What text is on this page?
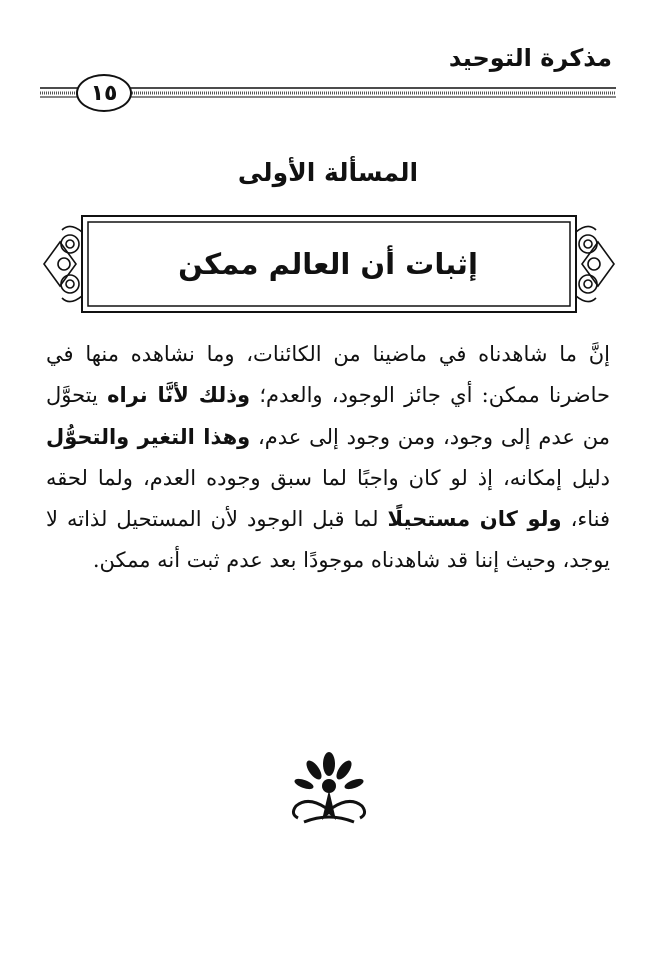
مذكرة التوحيد
١٥
المسألة الأولى
إثبات أن العالم ممكن
إنَّ ما شاهدناه في ماضينا من الكائنات، وما نشاهده منها في حاضرنا ممكن: أي جائز الوجود، والعدم؛ وذلك لأنَّا نراه يتحوَّل من عدم إلى وجود، ومن وجود إلى عدم، وهذا التغير والتحوُّل دليل إمكانه، إذ لو كان واجبًا لما سبق وجوده العدم، ولما لحقه فناء، ولو كان مستحيلًا لما قبل الوجود لأن المستحيل لذاته لا يوجد، وحيث إننا قد شاهدناه موجودًا بعد عدم ثبت أنه ممكن.
